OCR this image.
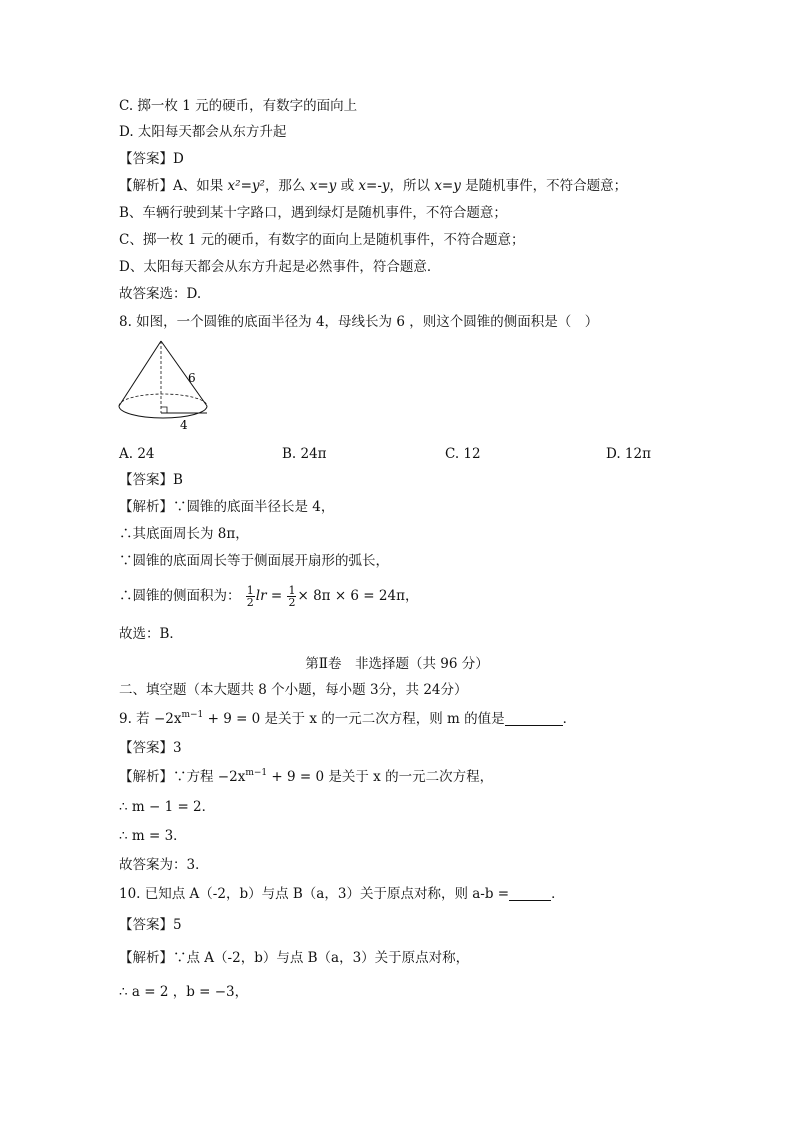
C. 掷一枚 1 元的硬币，有数字的面向上
D. 太阳每天都会从东方升起
【答案】D
【解析】A、如果 x²=y²，那么 x=y 或 x=-y，所以 x=y 是随机事件，不符合题意；
B、车辆行驶到某十字路口，遇到绿灯是随机事件，不符合题意；
C、掷一枚 1 元的硬币，有数字的面向上是随机事件，不符合题意；
D、太阳每天都会从东方升起是必然事件，符合题意．
故答案选：D.
8. 如图，一个圆锥的底面半径为 4，母线长为 6 ，则这个圆锥的侧面积是（　）
6
4
A. 24	B. 24π	C. 12	D. 12π
【答案】B
【解析】∵圆锥的底面半径长是 4，
∴其底面周长为 8π，
∵圆锥的底面周长等于侧面展开扇形的弧长，
∴圆锥的侧面积为： $\frac{1}{2}$ lr = $\frac{1}{2} \times 8\pi \times 6 = 24\pi$，
故选：B．
第Ⅱ卷　非选择题（共 96 分）
二、填空题（本大题共 8 个小题，每小题 3分，共 24分）
9. 若 $-2x^{m-1} + 9 = 0$ 是关于 x 的一元二次方程，则 m 的值是	．
【答案】3
【解析】∵方程 $-2x^{m-1} + 9 = 0$ 是关于 x 的一元二次方程，
∴ m − 1 = 2．
∴ m = 3．
故答案为：3．
10. 已知点 A（-2，b）与点 B（a，3）关于原点对称，则 a-b =	．
【答案】5
【解析】∵点 A（-2，b）与点 B（a，3）关于原点对称，
∴ a = 2 ，b = −3，
